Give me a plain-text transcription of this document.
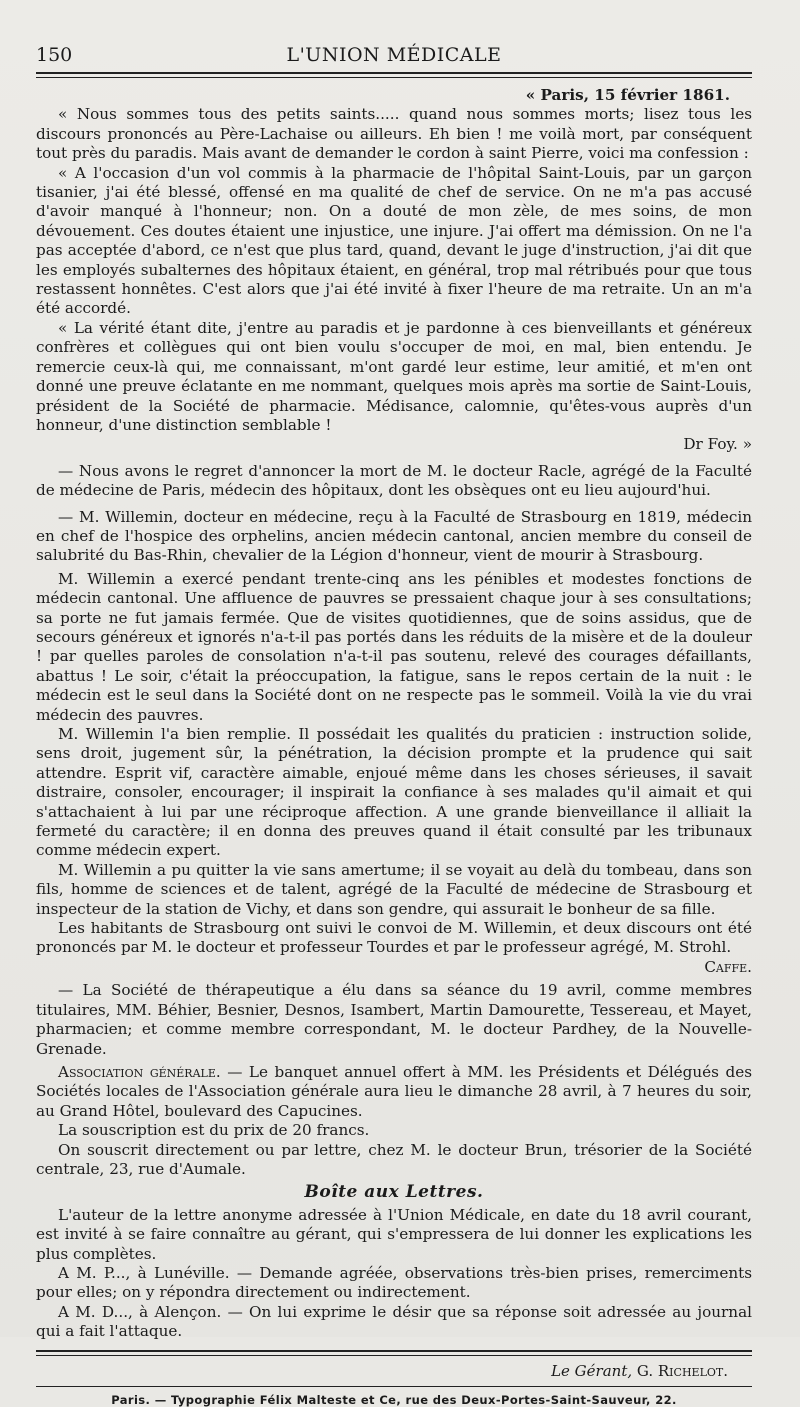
150	L'UNION MÉDICALE

« Paris, 15 février 1861.

« Nous sommes tous des petits saints..... quand nous sommes morts; lisez tous les discours prononcés au Père-Lachaise ou ailleurs. Eh bien ! me voilà mort, par conséquent tout près du paradis. Mais avant de demander le cordon à saint Pierre, voici ma confession :

« A l'occasion d'un vol commis à la pharmacie de l'hôpital Saint-Louis, par un garçon tisanier, j'ai été blessé, offensé en ma qualité de chef de service. On ne m'a pas accusé d'avoir manqué à l'honneur; non. On a douté de mon zèle, de mes soins, de mon dévouement. Ces doutes étaient une injustice, une injure. J'ai offert ma démission. On ne l'a pas acceptée d'abord, ce n'est que plus tard, quand, devant le juge d'instruction, j'ai dit que les employés subalternes des hôpitaux étaient, en général, trop mal rétribués pour que tous restassent honnêtes. C'est alors que j'ai été invité à fixer l'heure de ma retraite. Un an m'a été accordé.

« La vérité étant dite, j'entre au paradis et je pardonne à ces bienveillants et généreux confrères et collègues qui ont bien voulu s'occuper de moi, en mal, bien entendu. Je remercie ceux-là qui, me connaissant, m'ont gardé leur estime, leur amitié, et m'en ont donné une preuve éclatante en me nommant, quelques mois après ma sortie de Saint-Louis, président de la Société de pharmacie. Médisance, calomnie, qu'êtes-vous auprès d'un honneur, d'une distinction semblable !
Dr Foy. »

— Nous avons le regret d'annoncer la mort de M. le docteur Racle, agrégé de la Faculté de médecine de Paris, médecin des hôpitaux, dont les obsèques ont eu lieu aujourd'hui.

— M. Willemin, docteur en médecine, reçu à la Faculté de Strasbourg en 1819, médecin en chef de l'hospice des orphelins, ancien médecin cantonal, ancien membre du conseil de salubrité du Bas-Rhin, chevalier de la Légion d'honneur, vient de mourir à Strasbourg.

M. Willemin a exercé pendant trente-cinq ans les pénibles et modestes fonctions de médecin cantonal. Une affluence de pauvres se pressaient chaque jour à ses consultations; sa porte ne fut jamais fermée. Que de visites quotidiennes, que de soins assidus, que de secours généreux et ignorés n'a-t-il pas portés dans les réduits de la misère et de la douleur ! par quelles paroles de consolation n'a-t-il pas soutenu, relevé des courages défaillants, abattus ! Le soir, c'était la préoccupation, la fatigue, sans le repos certain de la nuit : le médecin est le seul dans la Société dont on ne respecte pas le sommeil. Voilà la vie du vrai médecin des pauvres.

M. Willemin l'a bien remplie. Il possédait les qualités du praticien : instruction solide, sens droit, jugement sûr, la pénétration, la décision prompte et la prudence qui sait attendre. Esprit vif, caractère aimable, enjoué même dans les choses sérieuses, il savait distraire, consoler, encourager; il inspirait la confiance à ses malades qu'il aimait et qui s'attachaient à lui par une réciproque affection. A une grande bienveillance il alliait la fermeté du caractère; il en donna des preuves quand il était consulté par les tribunaux comme médecin expert.

M. Willemin a pu quitter la vie sans amertume; il se voyait au delà du tombeau, dans son fils, homme de sciences et de talent, agrégé de la Faculté de médecine de Strasbourg et inspecteur de la station de Vichy, et dans son gendre, qui assurait le bonheur de sa fille.

Les habitants de Strasbourg ont suivi le convoi de M. Willemin, et deux discours ont été prononcés par M. le docteur et professeur Tourdes et par le professeur agrégé, M. Strohl.

Caffe.

— La Société de thérapeutique a élu dans sa séance du 19 avril, comme membres titulaires, MM. Béhier, Besnier, Desnos, Isambert, Martin Damourette, Tessereau, et Mayet, pharmacien; et comme membre correspondant, M. le docteur Pardhey, de la Nouvelle-Grenade.

Association générale. — Le banquet annuel offert à MM. les Présidents et Délégués des Sociétés locales de l'Association générale aura lieu le dimanche 28 avril, à 7 heures du soir, au Grand Hôtel, boulevard des Capucines.

La souscription est du prix de 20 francs.

On souscrit directement ou par lettre, chez M. le docteur Brun, trésorier de la Société centrale, 23, rue d'Aumale.

Boîte aux Lettres.

L'auteur de la lettre anonyme adressée à l'Union Médicale, en date du 18 avril courant, est invité à se faire connaître au gérant, qui s'empressera de lui donner les explications les plus complètes.

A M. P..., à Lunéville. — Demande agréée, observations très-bien prises, remerciments pour elles; on y répondra directement ou indirectement.

A M. D..., à Alençon. — On lui exprime le désir que sa réponse soit adressée au journal qui a fait l'attaque.

Le Gérant, G. Richelot.
Paris. — Typographie Félix Malteste et Ce, rue des Deux-Portes-Saint-Sauveur, 22.
